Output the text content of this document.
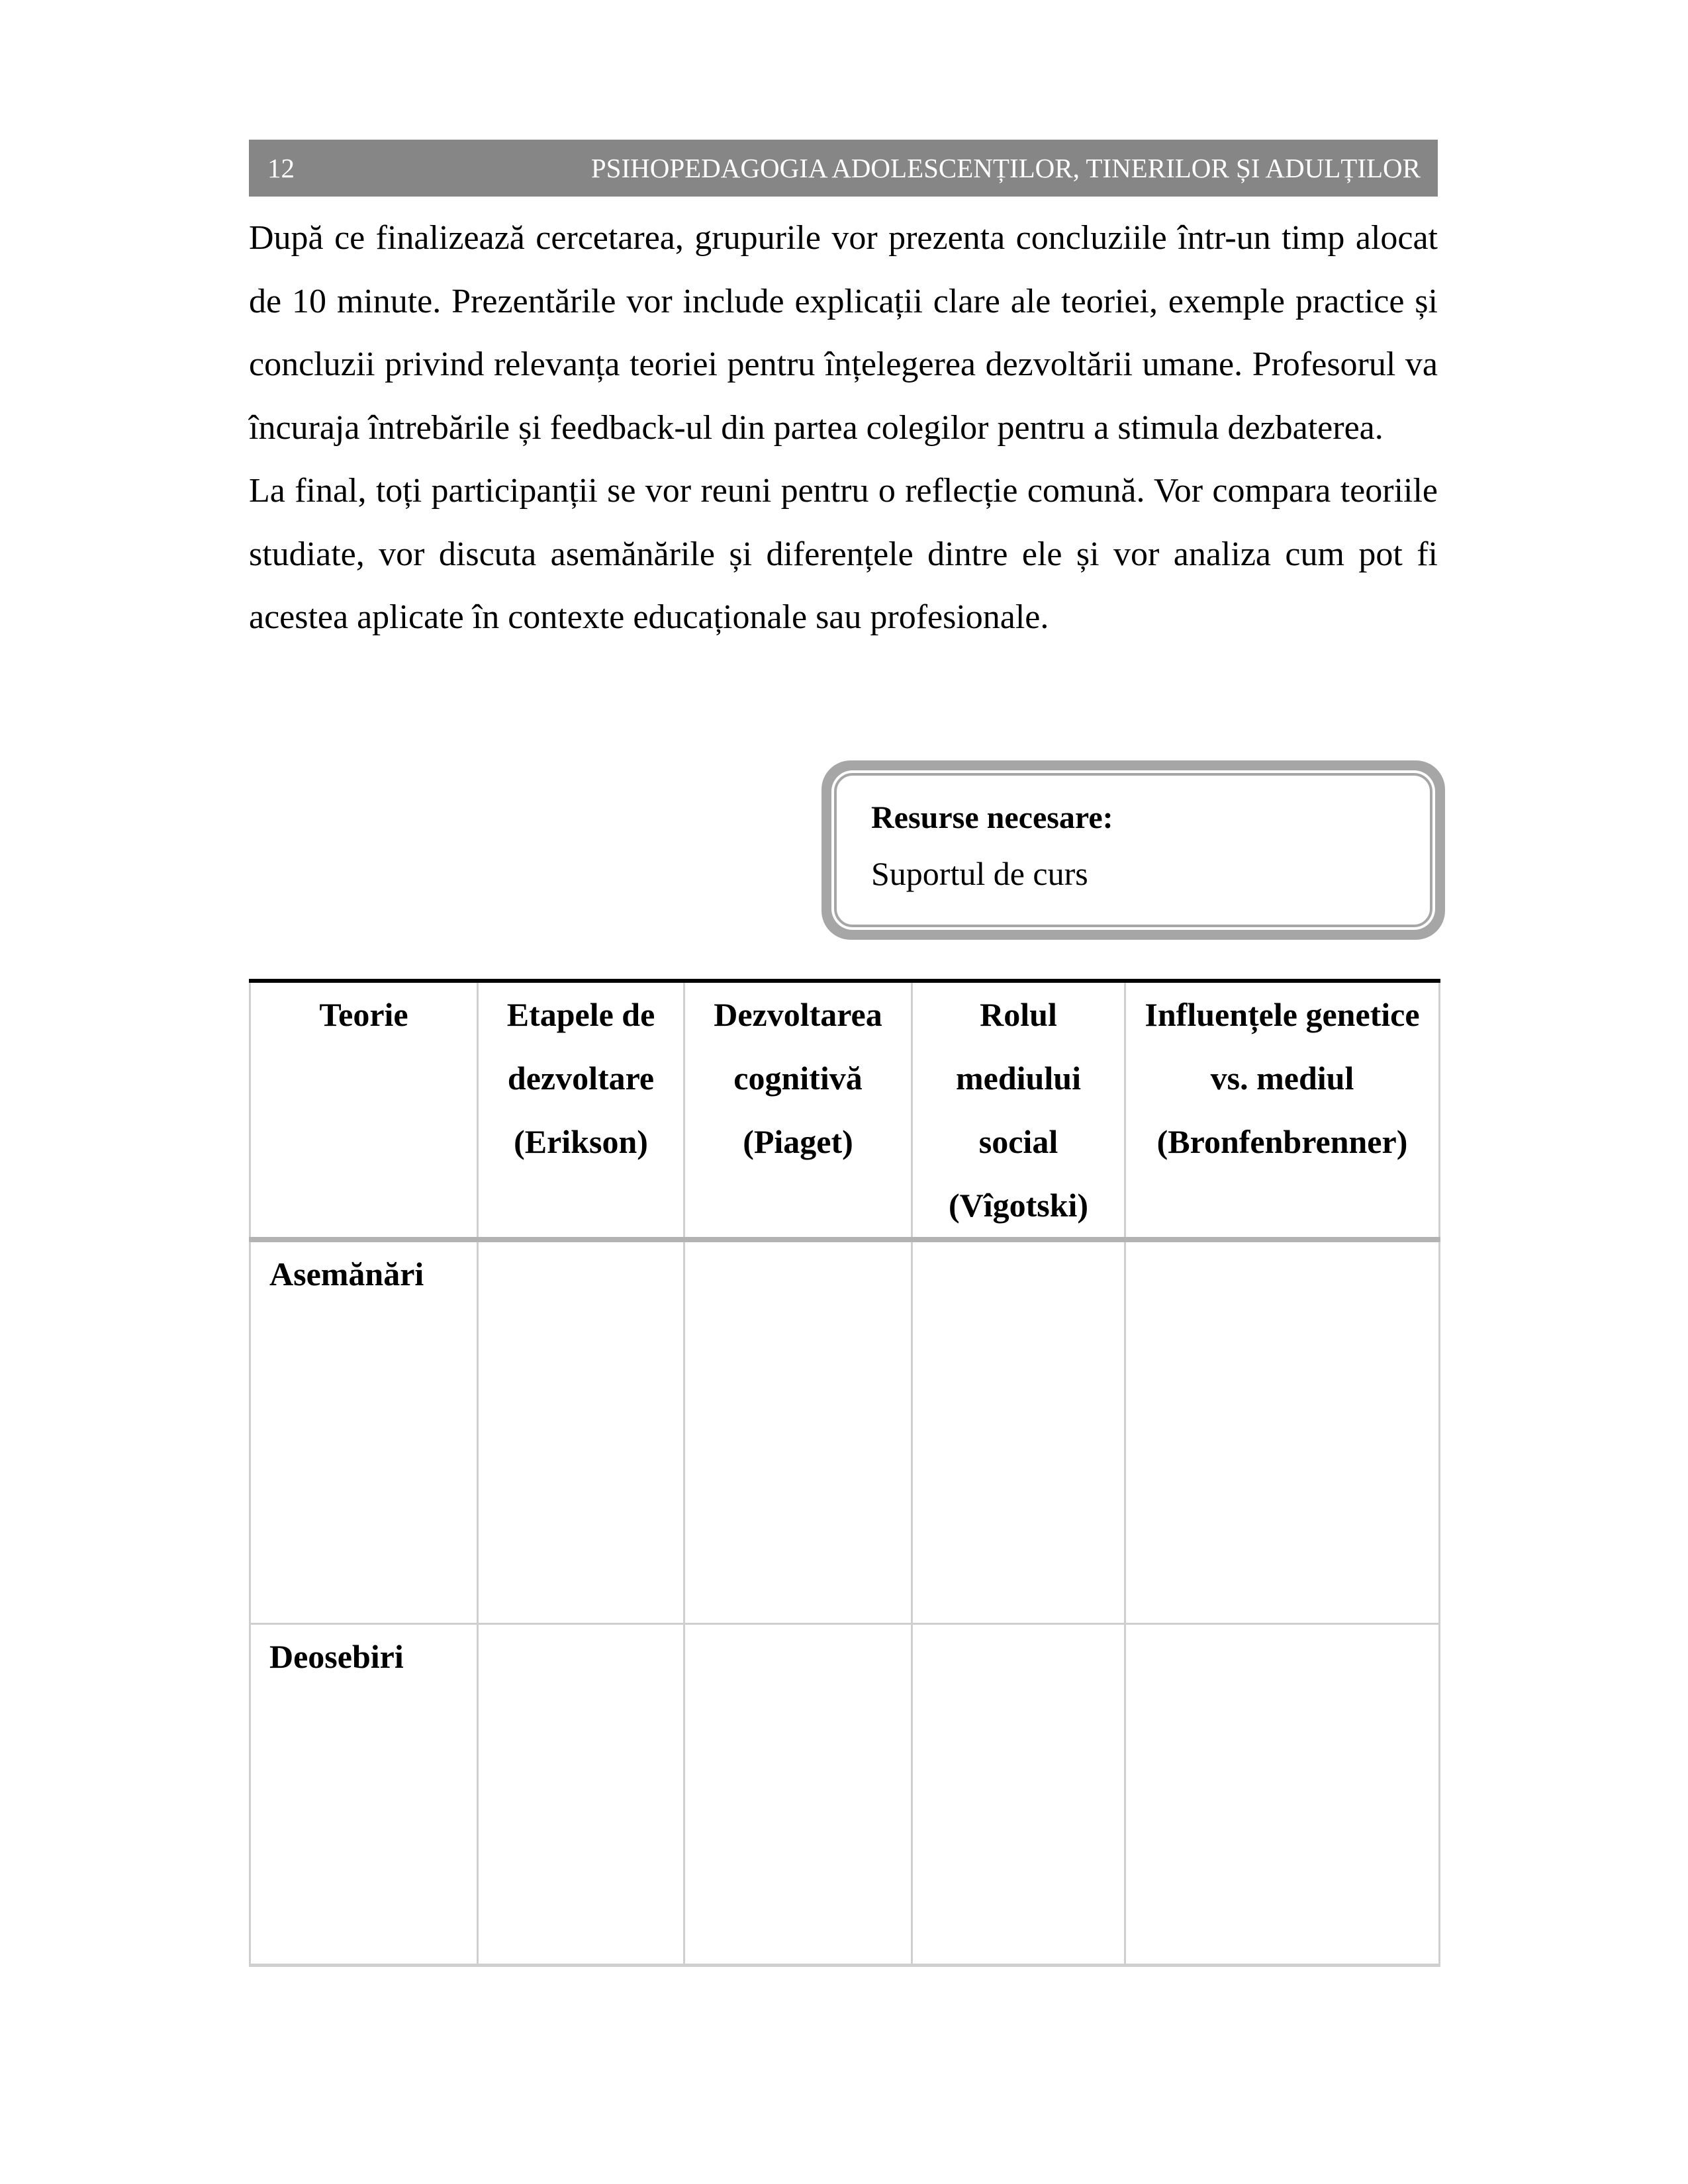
12	PSIHOPEDAGOGIA ADOLESCENȚILOR, TINERILOR ȘI ADULȚILOR

După ce finalizează cercetarea, grupurile vor prezenta concluziile într-un timp alocat de 10 minute. Prezentările vor include explicații clare ale teoriei, exemple practice și concluzii privind relevanța teoriei pentru înțelegerea dezvoltării umane. Profesorul va încuraja întrebările și feedback-ul din partea colegilor pentru a stimula dezbaterea.

La final, toți participanții se vor reuni pentru o reflecție comună. Vor compara teoriile studiate, vor discuta asemănările și diferențele dintre ele și vor analiza cum pot fi acestea aplicate în contexte educaționale sau profesionale.

Resurse necesare:

Suportul de curs

Teorie	Etapele de dezvoltare (Erikson)	Dezvoltarea cognitivă (Piaget)	Rolul mediului social (Vîgotski)	Influențele genetice vs. mediul (Bronfenbrenner)

Asemănări				
Deosebiri				
